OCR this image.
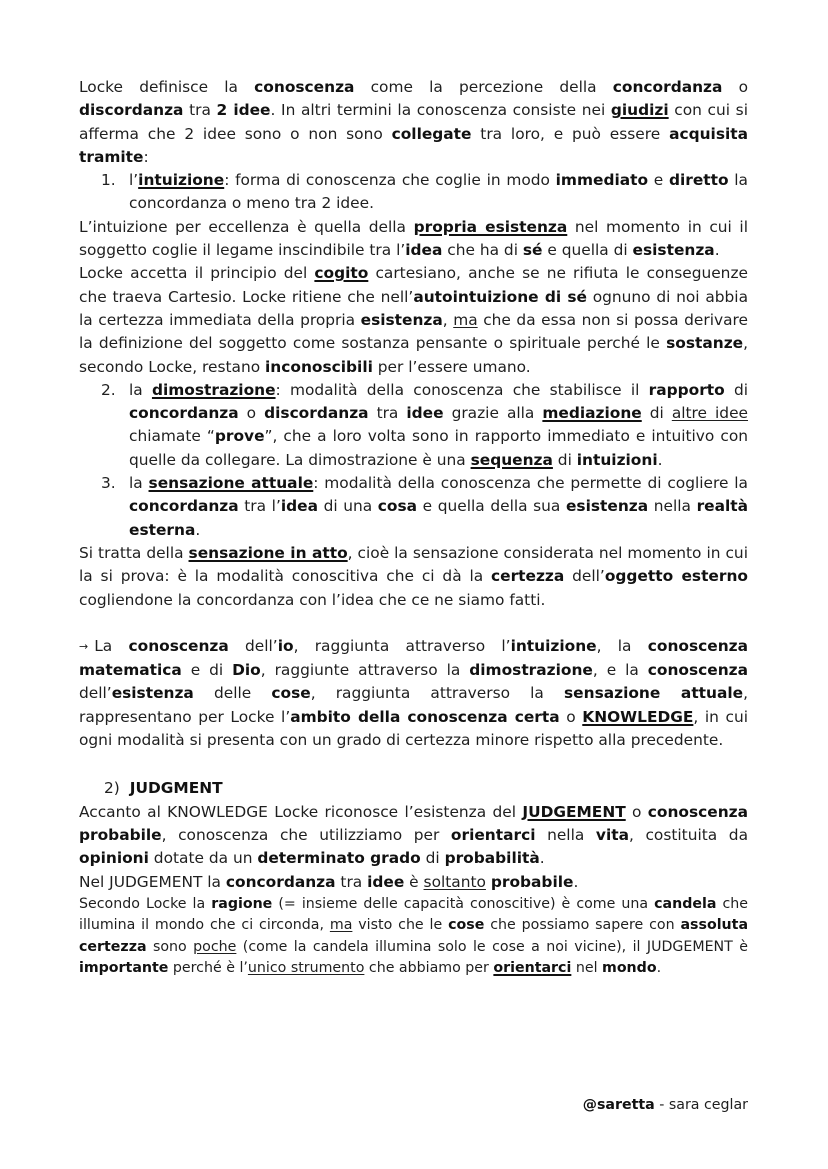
Locke definisce la conoscenza come la percezione della concordanza o discordanza tra 2 idee. In altri termini la conoscenza consiste nei giudizi con cui si afferma che 2 idee sono o non sono collegate tra loro, e può essere acquisita tramite:

1. l’intuizione: forma di conoscenza che coglie in modo immediato e diretto la concordanza o meno tra 2 idee.

L’intuizione per eccellenza è quella della propria esistenza nel momento in cui il soggetto coglie il legame inscindibile tra l’idea che ha di sé e quella di esistenza.

Locke accetta il principio del cogito cartesiano, anche se ne rifiuta le conseguenze che traeva Cartesio. Locke ritiene che nell’autointuizione di sé ognuno di noi abbia la certezza immediata della propria esistenza, ma che da essa non si possa derivare la definizione del soggetto come sostanza pensante o spirituale perché le sostanze, secondo Locke, restano inconoscibili per l’essere umano.

2. la dimostrazione: modalità della conoscenza che stabilisce il rapporto di concordanza o discordanza tra idee grazie alla mediazione di altre idee chiamate “prove”, che a loro volta sono in rapporto immediato e intuitivo con quelle da collegare. La dimostrazione è una sequenza di intuizioni.
3. la sensazione attuale: modalità della conoscenza che permette di cogliere la concordanza tra l’idea di una cosa e quella della sua esistenza nella realtà esterna.

Si tratta della sensazione in atto, cioè la sensazione considerata nel momento in cui la si prova: è la modalità conoscitiva che ci dà la certezza dell’oggetto esterno cogliendone la concordanza con l’idea che ce ne siamo fatti.

→ La conoscenza dell’io, raggiunta attraverso l’intuizione, la conoscenza matematica e di Dio, raggiunte attraverso la dimostrazione, e la conoscenza dell’esistenza delle cose, raggiunta attraverso la sensazione attuale, rappresentano per Locke l’ambito della conoscenza certa o KNOWLEDGE, in cui ogni modalità si presenta con un grado di certezza minore rispetto alla precedente.

2) JUDGMENT

Accanto al KNOWLEDGE Locke riconosce l’esistenza del JUDGEMENT o conoscenza probabile, conoscenza che utilizziamo per orientarci nella vita, costituita da opinioni dotate da un determinato grado di probabilità.

Nel JUDGEMENT la concordanza tra idee è soltanto probabile.

Secondo Locke la ragione (= insieme delle capacità conoscitive) è come una candela che illumina il mondo che ci circonda, ma visto che le cose che possiamo sapere con assoluta certezza sono poche (come la candela illumina solo le cose a noi vicine), il JUDGEMENT è importante perché è l’unico strumento che abbiamo per orientarci nel mondo.

@saretta - sara ceglar
